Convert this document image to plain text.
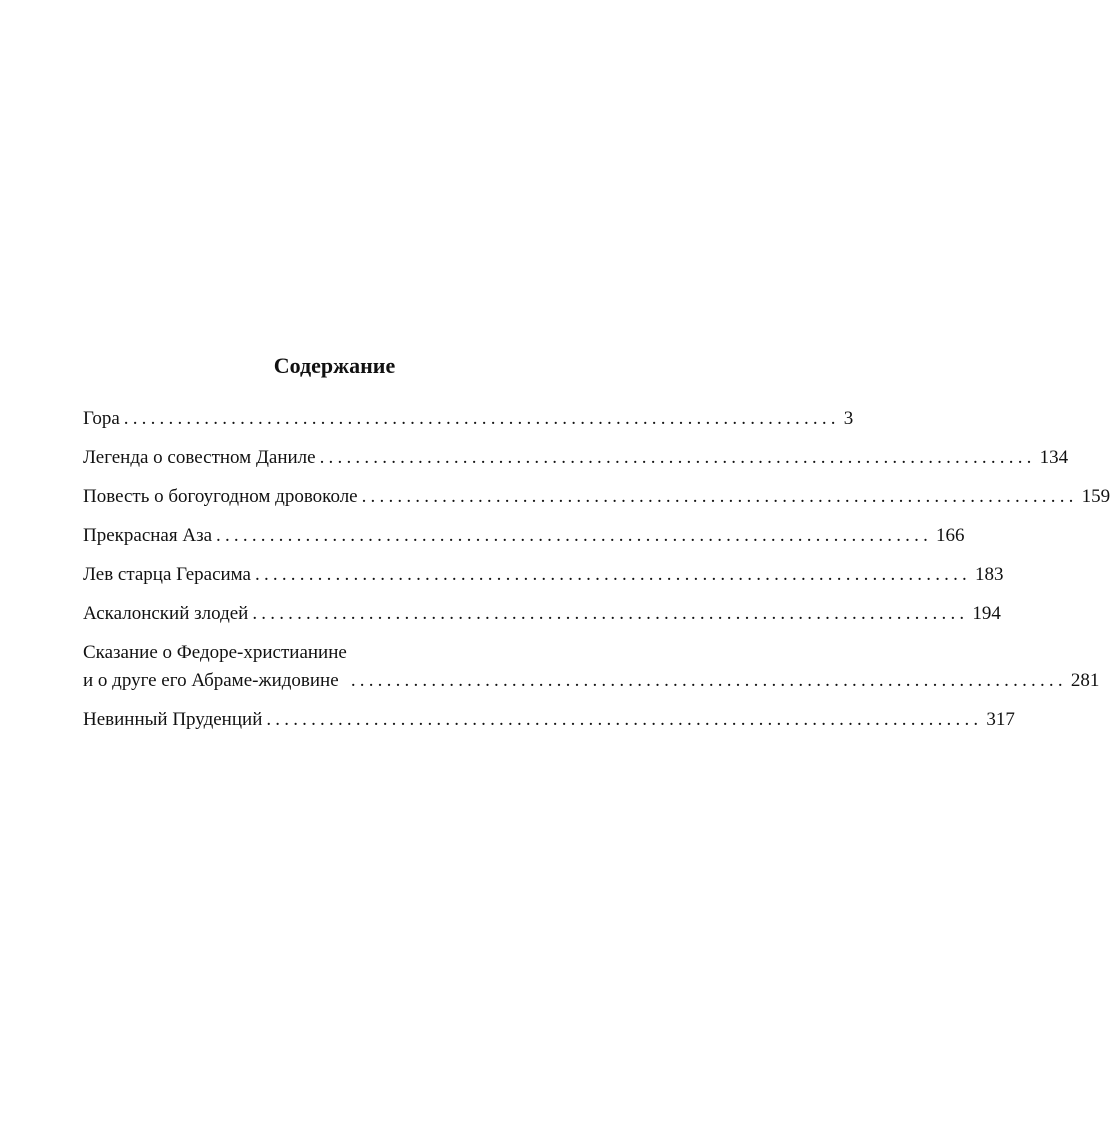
Содержание
Гора ................................................................................ 3
Легенда о совестном Даниле ................................................................................ 134
Повесть о богоугодном дровоколе ................................................................................ 159
Прекрасная Аза ................................................................................ 166
Лев старца Герасима ................................................................................ 183
Аскалонский злодей ................................................................................ 194
Сказание о Федоре-христианине
и о друге его Абраме-жидовине ................................................................................ 281
Невинный Пруденций ................................................................................ 317
